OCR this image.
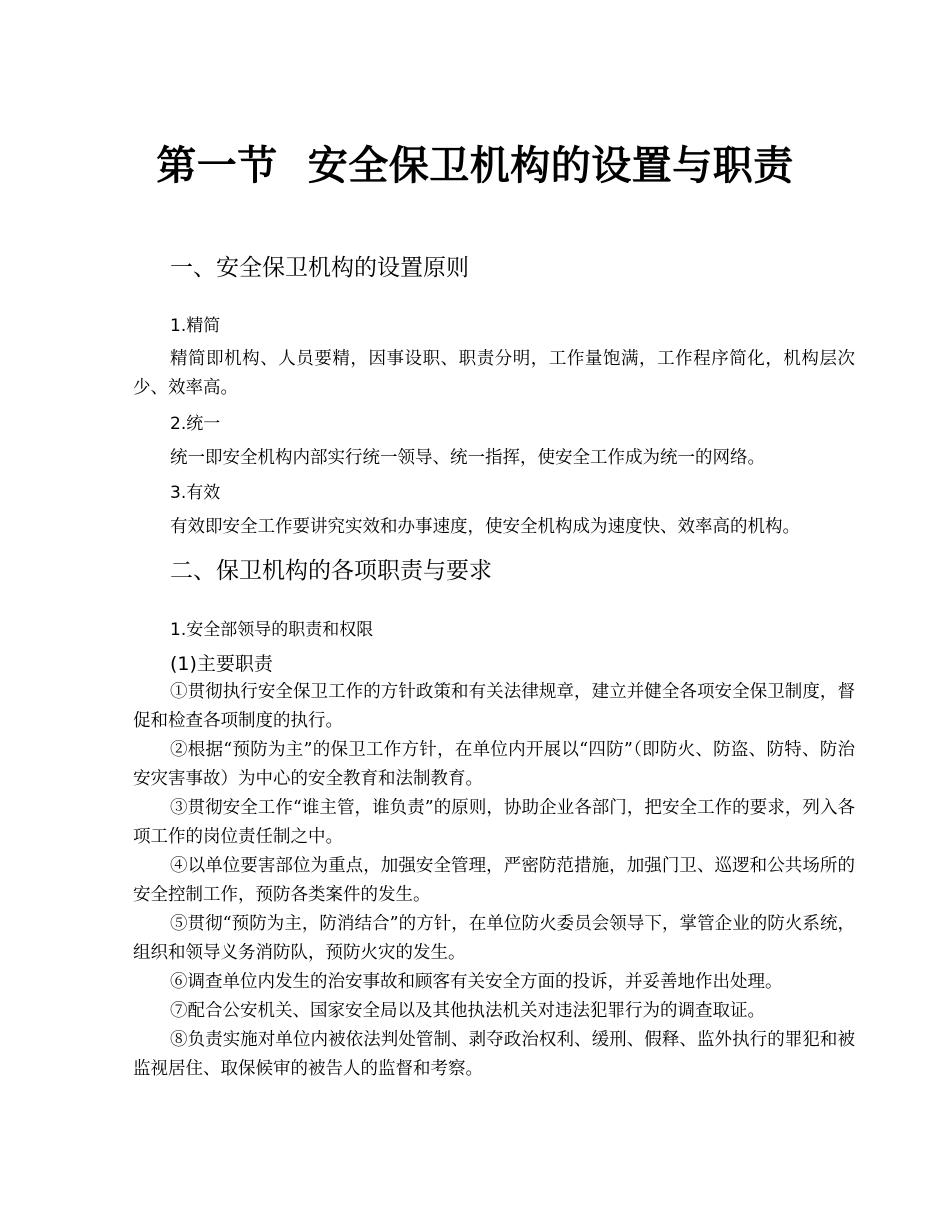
第一节 安全保卫机构的设置与职责
一、安全保卫机构的设置原则
1.精简

精简即机构、人员要精，因事设职、职责分明，工作量饱满，工作程序简化，机构层次少、效率高。

2.统一

统一即安全机构内部实行统一领导、统一指挥，使安全工作成为统一的网络。

3.有效

有效即安全工作要讲究实效和办事速度，使安全机构成为速度快、效率高的机构。

二、保卫机构的各项职责与要求
1.安全部领导的职责和权限
(1)主要职责

①贯彻执行安全保卫工作的方针政策和有关法律规章，建立并健全各项安全保卫制度，督促和检查各项制度的执行。

②根据“预防为主”的保卫工作方针，在单位内开展以“四防”（即防火、防盗、防特、防治安灾害事故）为中心的安全教育和法制教育。

③贯彻安全工作“谁主管，谁负责”的原则，协助企业各部门，把安全工作的要求，列入各项工作的岗位责任制之中。

④以单位要害部位为重点，加强安全管理，严密防范措施，加强门卫、巡逻和公共场所的安全控制工作，预防各类案件的发生。

⑤贯彻“预防为主，防消结合”的方针，在单位防火委员会领导下，掌管企业的防火系统，组织和领导义务消防队，预防火灾的发生。

⑥调查单位内发生的治安事故和顾客有关安全方面的投诉，并妥善地作出处理。

⑦配合公安机关、国家安全局以及其他执法机关对违法犯罪行为的调查取证。

⑧负责实施对单位内被依法判处管制、剥夺政治权利、缓刑、假释、监外执行的罪犯和被监视居住、取保候审的被告人的监督和考察。
